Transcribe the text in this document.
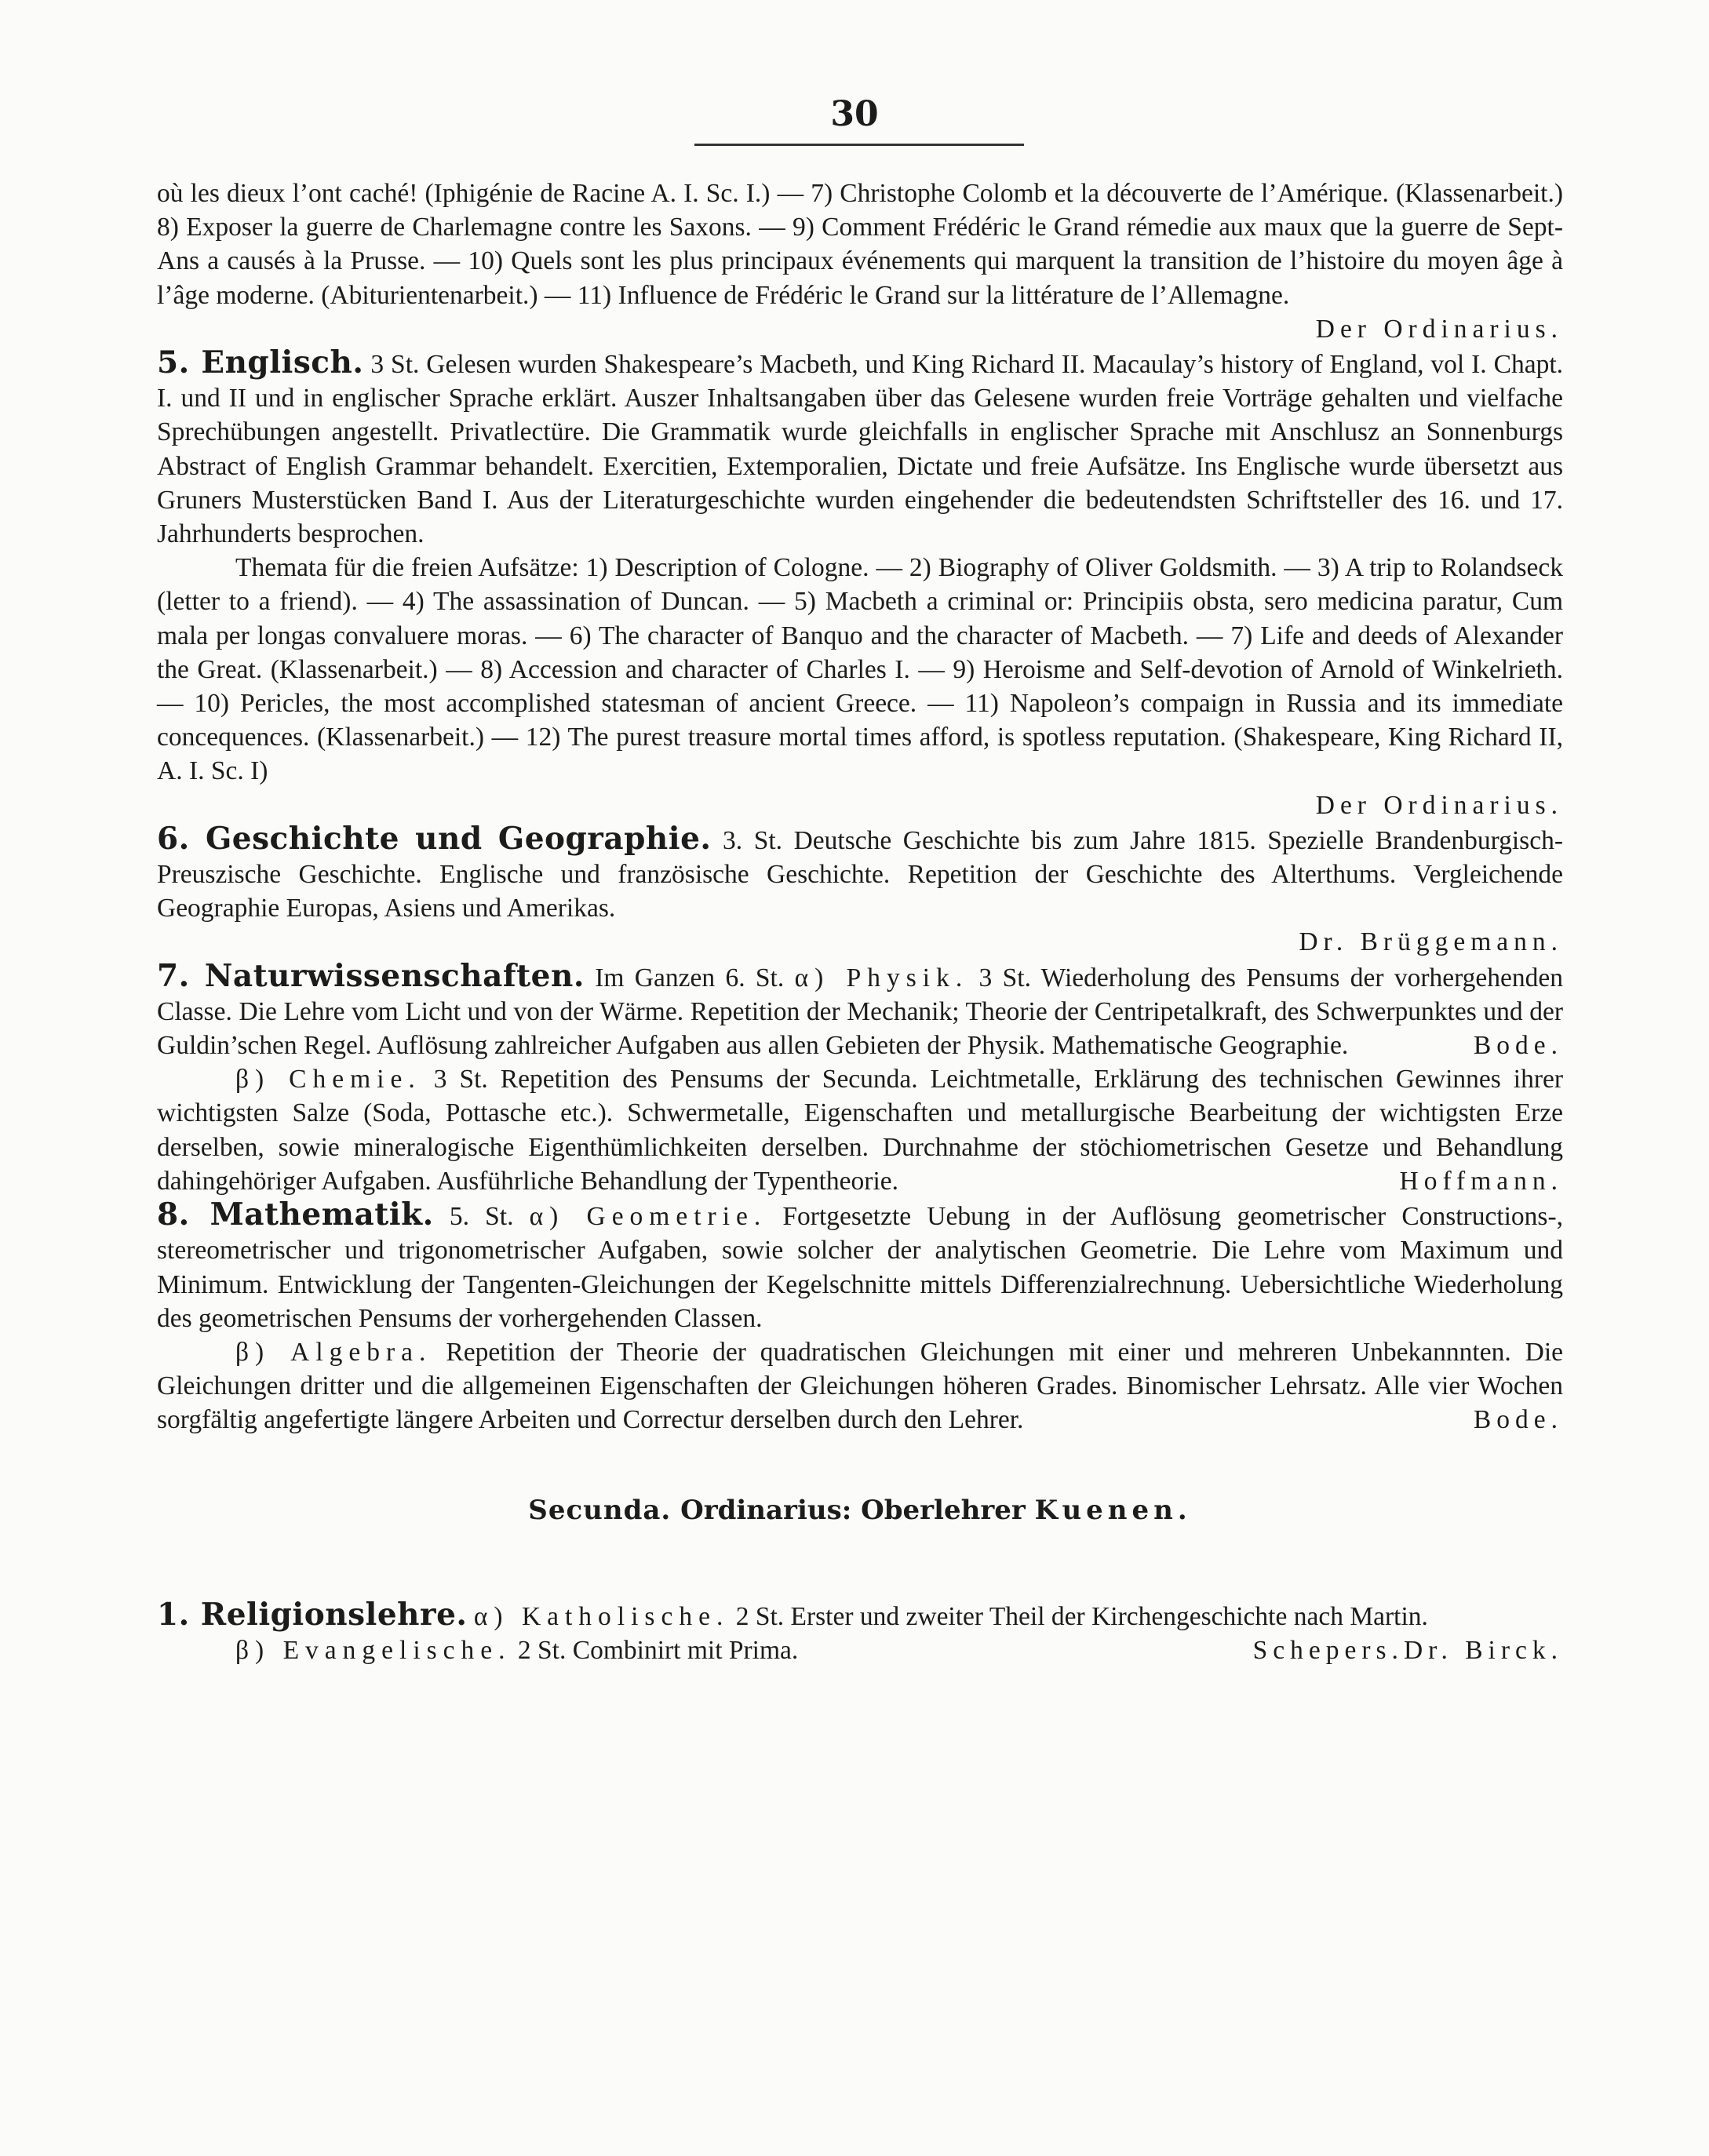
30

où les dieux l’ont caché! (Iphigénie de Racine A. I. Sc. I.) — 7) Christophe Colomb et la découverte de l’Amérique. (Klassenarbeit.) 8) Exposer la guerre de Charlemagne contre les Saxons. — 9) Comment Frédéric le Grand rémedie aux maux que la guerre de Sept-Ans a causés à la Prusse. — 10) Quels sont les plus principaux événements qui marquent la transition de l’histoire du moyen âge à l’âge moderne. (Abiturientenarbeit.) — 11) Influence de Frédéric le Grand sur la littérature de l’Allemagne.
Der Ordinarius.

5. Englisch. 3 St. Gelesen wurden Shakespeare’s Macbeth, und King Richard II. Macaulay’s history of England, vol I. Chapt. I. und II und in englischer Sprache erklärt. Auszer Inhaltsangaben über das Gelesene wurden freie Vorträge gehalten und vielfache Sprechübungen angestellt. Privatlectüre. Die Grammatik wurde gleichfalls in englischer Sprache mit Anschlusz an Sonnenburgs Abstract of English Grammar behandelt. Exercitien, Extemporalien, Dictate und freie Aufsätze. Ins Englische wurde übersetzt aus Gruners Musterstücken Band I. Aus der Literaturgeschichte wurden eingehender die bedeutendsten Schriftsteller des 16. und 17. Jahrhunderts besprochen.

Themata für die freien Aufsätze: 1) Description of Cologne. — 2) Biography of Oliver Goldsmith. — 3) A trip to Rolandseck (letter to a friend). — 4) The assassination of Duncan. — 5) Macbeth a criminal or: Principiis obsta, sero medicina paratur, Cum mala per longas convaluere moras. — 6) The character of Banquo and the character of Macbeth. — 7) Life and deeds of Alexander the Great. (Klassenarbeit.) — 8) Accession and character of Charles I. — 9) Heroisme and Self-devotion of Arnold of Winkelrieth. — 10) Pericles, the most accomplished statesman of ancient Greece. — 11) Napoleon’s compaign in Russia and its immediate concequences. (Klassenarbeit.) — 12) The purest treasure mortal times afford, is spotless reputation. (Shakespeare, King Richard II, A. I. Sc. I)
Der Ordinarius.

6. Geschichte und Geographie. 3. St. Deutsche Geschichte bis zum Jahre 1815. Spezielle Brandenburgisch-Preuszische Geschichte. Englische und französische Geschichte. Repetition der Geschichte des Alterthums. Vergleichende Geographie Europas, Asiens und Amerikas.
Dr. Brüggemann.

7. Naturwissenschaften. Im Ganzen 6. St. α) Physik. 3 St. Wiederholung des Pensums der vorhergehenden Classe. Die Lehre vom Licht und von der Wärme. Repetition der Mechanik; Theorie der Centripetalkraft, des Schwerpunktes und der Guldin’schen Regel. Auflösung zahlreicher Aufgaben aus allen Gebieten der Physik. Mathematische Geographie.	Bode.

β) Chemie. 3 St. Repetition des Pensums der Secunda. Leichtmetalle, Erklärung des technischen Gewinnes ihrer wichtigsten Salze (Soda, Pottasche etc.). Schwermetalle, Eigenschaften und metallurgische Bearbeitung der wichtigsten Erze derselben, sowie mineralogische Eigenthümlichkeiten derselben. Durchnahme der stöchiometrischen Gesetze und Behandlung dahingehöriger Aufgaben. Ausführliche Behandlung der Typentheorie.	Hoffmann.

8. Mathematik. 5. St. α) Geometrie. Fortgesetzte Uebung in der Auflösung geometrischer Constructions-, stereometrischer und trigonometrischer Aufgaben, sowie solcher der analytischen Geometrie. Die Lehre vom Maximum und Minimum. Entwicklung der Tangenten-Gleichungen der Kegelschnitte mittels Differenzialrechnung. Uebersichtliche Wiederholung des geometrischen Pensums der vorhergehenden Classen.

β) Algebra. Repetition der Theorie der quadratischen Gleichungen mit einer und mehreren Unbekannnten. Die Gleichungen dritter und die allgemeinen Eigenschaften der Gleichungen höheren Grades. Binomischer Lehrsatz. Alle vier Wochen sorgfältig angefertigte längere Arbeiten und Correctur derselben durch den Lehrer.	Bode.

Secunda. Ordinarius: Oberlehrer Kuenen.

1. Religionslehre. α) Katholische. 2 St. Erster und zweiter Theil der Kirchengeschichte nach Martin.
Dr. Birck.

β) Evangelische. 2 St. Combinirt mit Prima.	Schepers.
